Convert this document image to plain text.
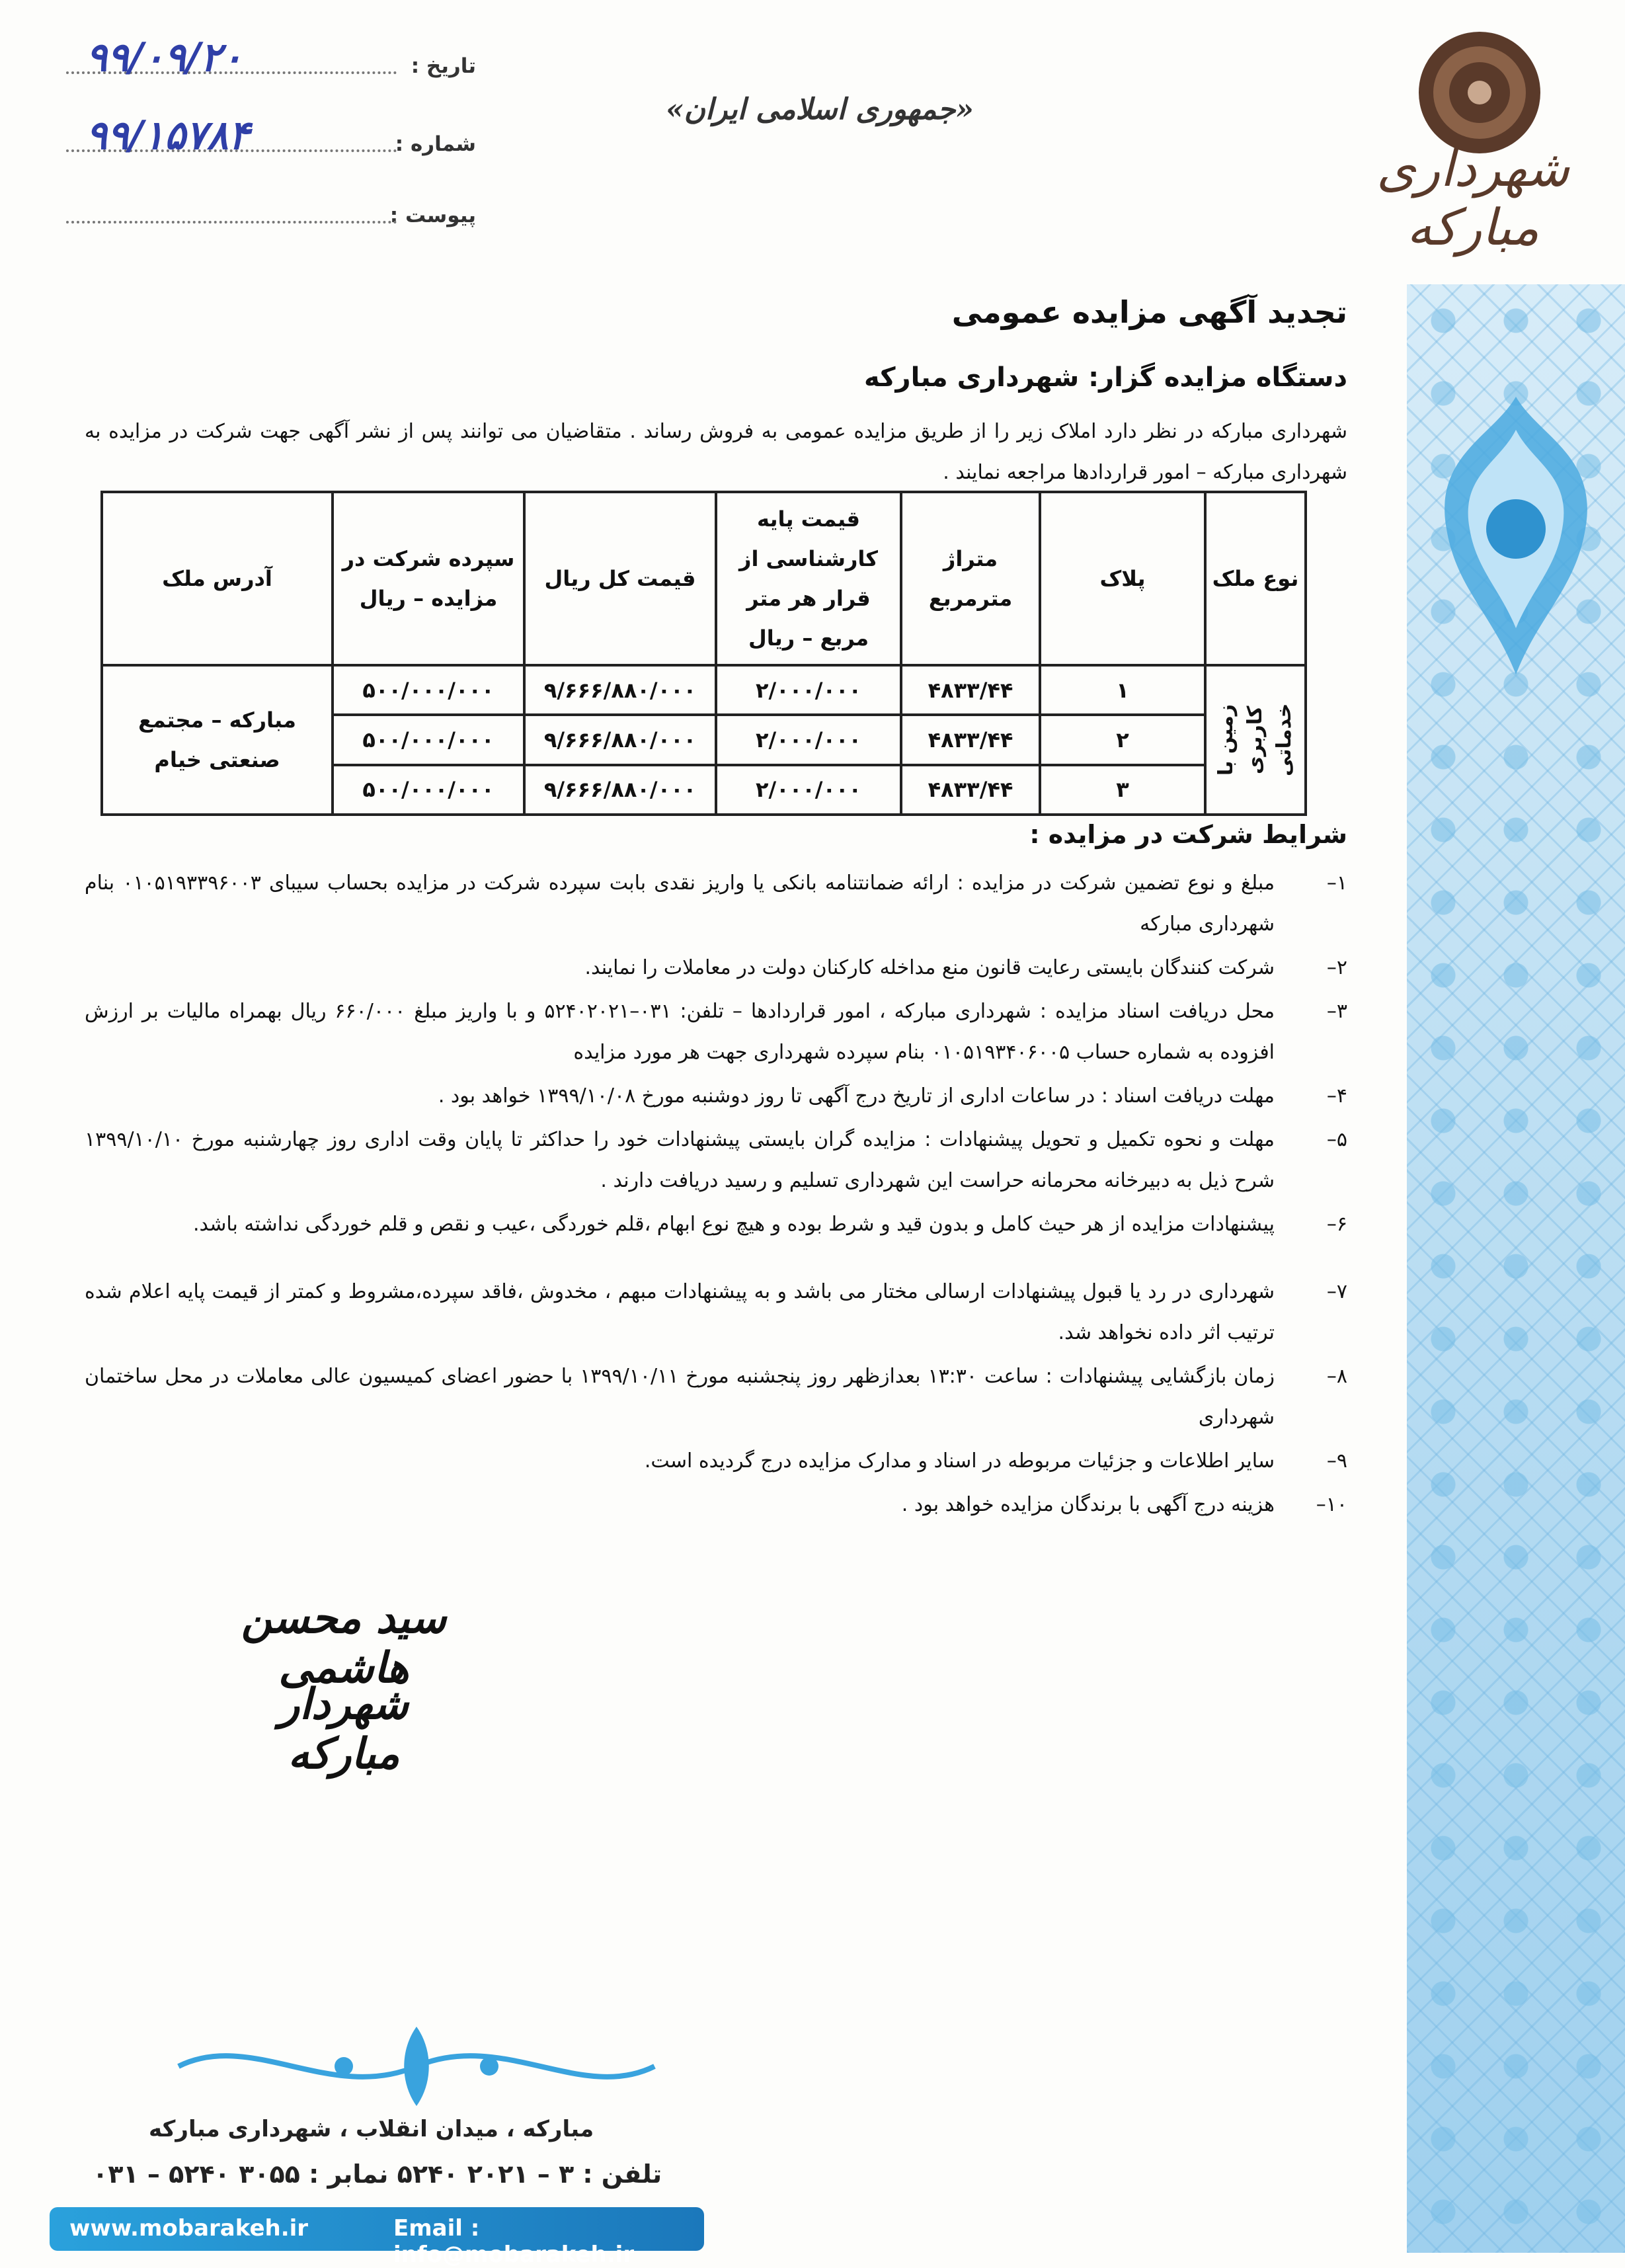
شهرداری مبارکه
«جمهوری اسلامی ایران»
تاریخ :
۹۹/۰۹/۲۰
شماره :
۹۹/۱۵۷۸۴
پیوست :
تجدید آگهی مزایده عمومی
دستگاه مزایده گزار: شهرداری مبارکه
شهرداری مبارکه در نظر دارد املاک زیر را از طریق مزایده عمومی به فروش رساند . متقاضیان می توانند پس از نشر آگهی جهت شرکت در مزایده به شهرداری مبارکه – امور قراردادها مراجعه نمایند .
نوع ملک	پلاک	متراژ مترمربع	قیمت پایه کارشناسی از قرار هر متر مربع – ریال	قیمت کل ریال	سپرده شرکت در مزایده – ریال	آدرس ملک

زمین با کاربری خدماتی	۱	۴۸۳۳/۴۴	۲/۰۰۰/۰۰۰	۹/۶۶۶/۸۸۰/۰۰۰	۵۰۰/۰۰۰/۰۰۰	مبارکه – مجتمع صنعتی خیام
	۲	۴۸۳۳/۴۴	۲/۰۰۰/۰۰۰	۹/۶۶۶/۸۸۰/۰۰۰	۵۰۰/۰۰۰/۰۰۰	
	۳	۴۸۳۳/۴۴	۲/۰۰۰/۰۰۰	۹/۶۶۶/۸۸۰/۰۰۰	۵۰۰/۰۰۰/۰۰۰	
شرایط شرکت در مزایده :
۱–
مبلغ و نوع تضمین شرکت در مزایده : ارائه ضمانتنامه بانکی یا واریز نقدی بابت سپرده شرکت در مزایده بحساب سیبای ۰۱۰۵۱۹۳۳۹۶۰۰۳ بنام شهرداری مبارکه
۲–
شرکت کنندگان بایستی رعایت قانون منع مداخله کارکنان دولت در معاملات را نمایند.
۳–
محل دریافت اسناد مزایده : شهرداری مبارکه ، امور قراردادها – تلفن: ۰۳۱–۵۲۴۰۲۰۲۱ و با واریز مبلغ ۶۶۰/۰۰۰ ریال بهمراه مالیات بر ارزش افزوده به شماره حساب ۰۱۰۵۱۹۳۴۰۶۰۰۵ بنام سپرده شهرداری جهت هر مورد مزایده
۴–
مهلت دریافت اسناد : در ساعات اداری از تاریخ درج آگهی تا روز دوشنبه مورخ ۱۳۹۹/۱۰/۰۸ خواهد بود .
۵–
مهلت و نحوه تکمیل و تحویل پیشنهادات : مزایده گران بایستی پیشنهادات خود را حداکثر تا پایان وقت اداری روز چهارشنبه مورخ ۱۳۹۹/۱۰/۱۰ شرح ذیل به دبیرخانه محرمانه حراست این شهرداری تسلیم و رسید دریافت دارند .
۶–
پیشنهادات مزایده از هر حیث کامل و بدون قید و شرط بوده و هیچ نوع ابهام ،قلم خوردگی ،عیب و نقص و قلم خوردگی نداشته باشد.
۷–
شهرداری در رد یا قبول پیشنهادات ارسالی مختار می باشد و به پیشنهادات مبهم ، مخدوش ،فاقد سپرده،مشروط و کمتر از قیمت پایه اعلام شده ترتیب اثر داده نخواهد شد.
۸–
زمان بازگشایی پیشنهادات : ساعت ۱۳:۳۰ بعدازظهر روز پنجشنبه مورخ ۱۳۹۹/۱۰/۱۱ با حضور اعضای کمیسیون عالی معاملات در محل ساختمان شهرداری
۹–
سایر اطلاعات و جزئیات مربوطه در اسناد و مدارک مزایده درج گردیده است.
۱۰–
هزینه درج آگهی با برندگان مزایده خواهد بود .
سید محسن هاشمی
شهردار مبارکه
مبارکه ، میدان انقلاب ، شهرداری مبارکه
تلفن : ۳ – ۲۰۲۱ ۵۲۴۰ نمابر : ۳۰۵۵ ۵۲۴۰ – ۰۳۱
www.mobarakeh.ir	Email : info@mobarakeh.ir
